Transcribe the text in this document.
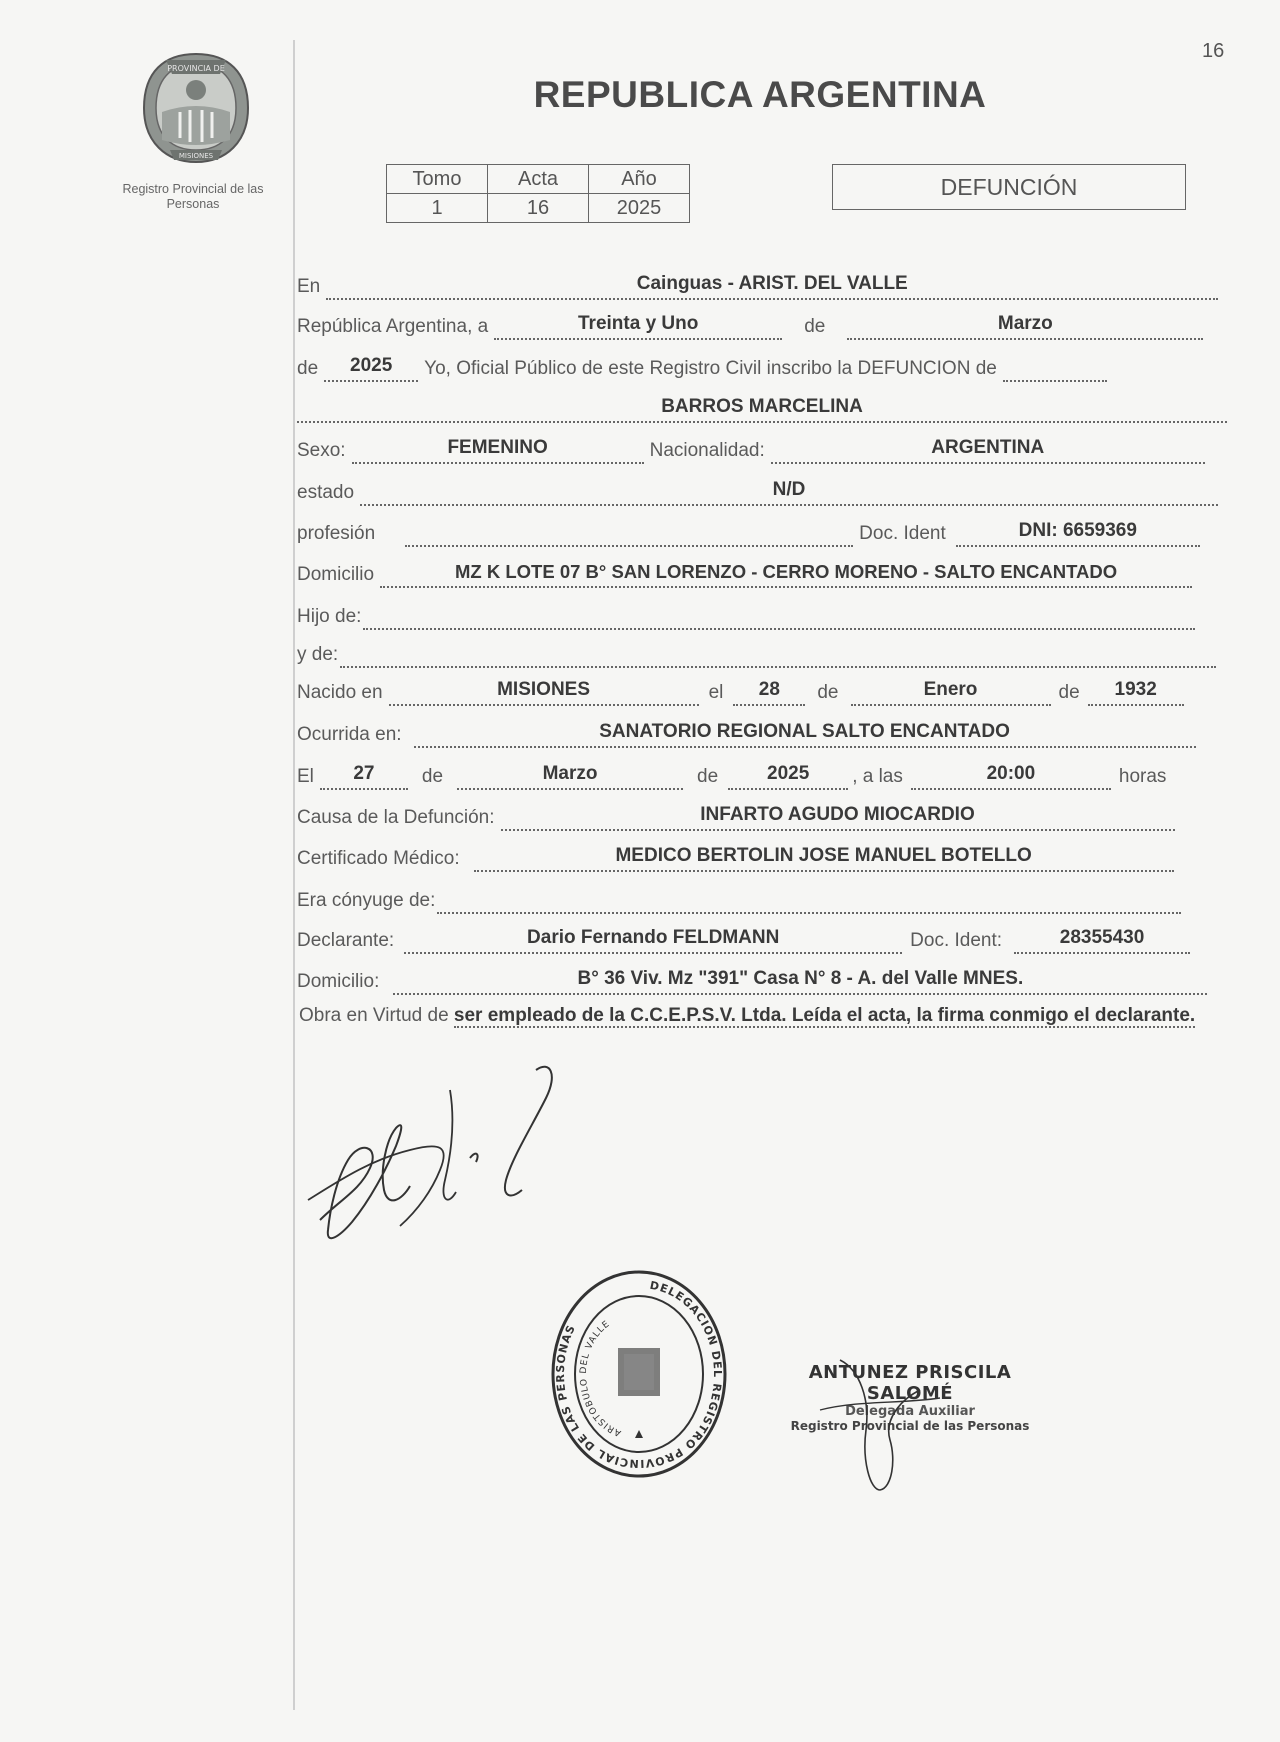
16
PROVINCIA DE
MISIONES
Registro Provincial de las Personas
REPUBLICA ARGENTINA
Tomo	Acta	Año
1	16	2025
DEFUNCIÓN
En	Cainguas - ARIST. DEL VALLE
República Argentina, a	Treinta y Uno	de	Marzo
de	2025	Yo, Oficial Público de este Registro Civil inscribo la DEFUNCION de
BARROS MARCELINA
Sexo:	FEMENINO	Nacionalidad:	ARGENTINA
estado	N/D
profesión	Doc. Ident	DNI: 6659369
Domicilio	MZ K LOTE 07 B° SAN LORENZO - CERRO MORENO - SALTO ENCANTADO
Hijo de:
y de:
Nacido en	MISIONES	el	28	de	Enero	de	1932
Ocurrida en:	SANATORIO REGIONAL SALTO ENCANTADO
El	27	de	Marzo	de	2025	, a las	20:00	horas
Causa de la Defunción:	INFARTO AGUDO MIOCARDIO
Certificado Médico:	MEDICO BERTOLIN JOSE MANUEL BOTELLO
Era cónyuge de:
Declarante:	Dario Fernando FELDMANN	Doc. Ident:	28355430
Domicilio:	B° 36 Viv. Mz "391" Casa N° 8 - A. del Valle MNES.
Obra en Virtud de ser empleado de la C.C.E.P.S.V. Ltda. Leída el acta, la firma conmigo el declarante.
DELEGACION DEL REGISTRO PROVINCIAL DE LAS PERSONAS
ARISTOBULO DEL VALLE
ANTUNEZ PRISCILA SALOMÉ
Delegada Auxiliar
Registro Provincial de las Personas
